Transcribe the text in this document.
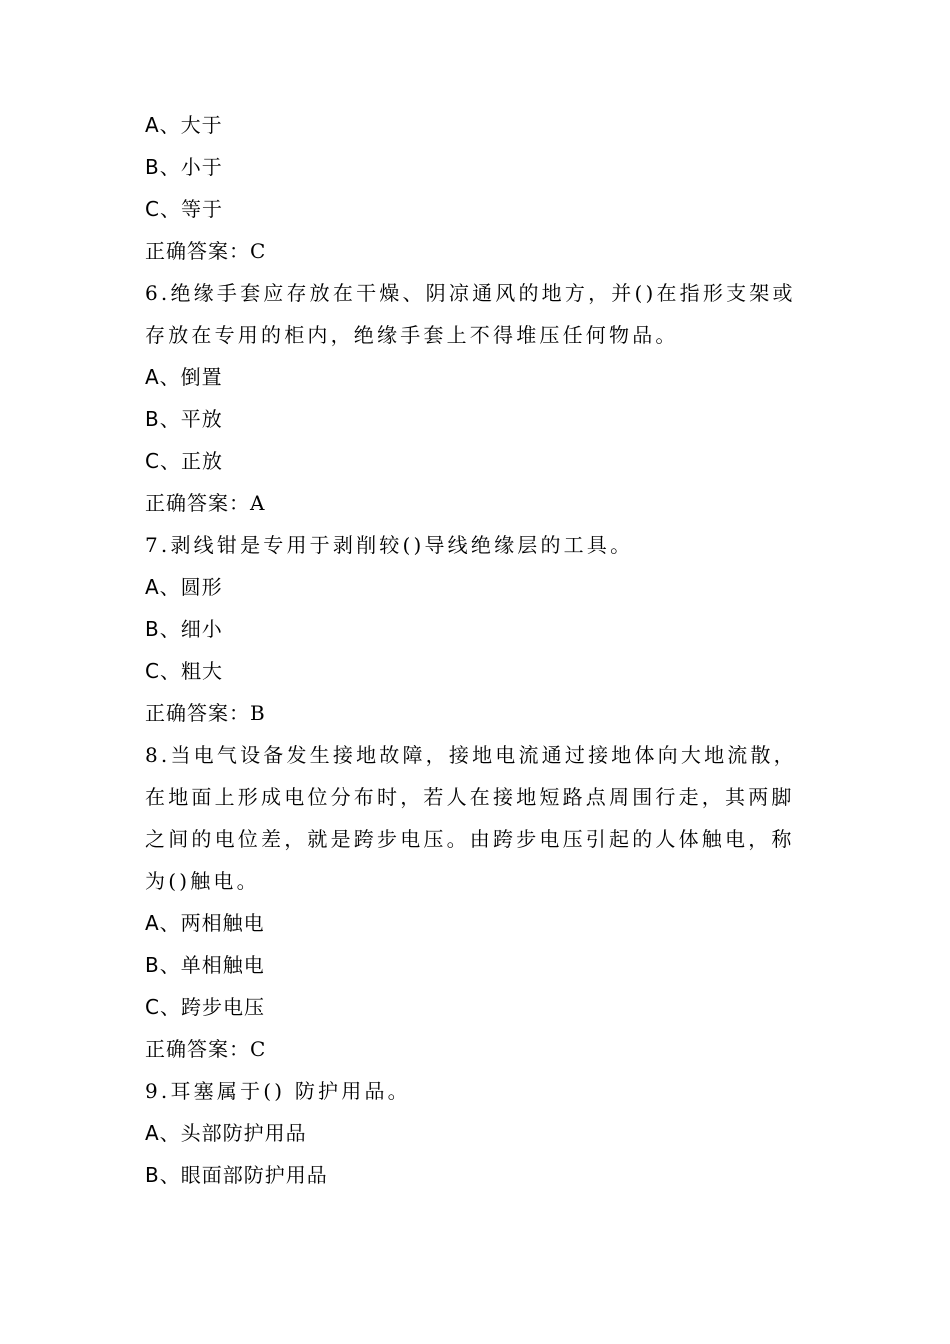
A、大于
B、小于
C、等于
正确答案：C
6.绝缘手套应存放在干燥、阴凉通风的地方，并()在指形支架或存放在专用的柜内，绝缘手套上不得堆压任何物品。
A、倒置
B、平放
C、正放
正确答案：A
7.剥线钳是专用于剥削较()导线绝缘层的工具。
A、圆形
B、细小
C、粗大
正确答案：B
8.当电气设备发生接地故障，接地电流通过接地体向大地流散，在地面上形成电位分布时，若人在接地短路点周围行走，其两脚之间的电位差，就是跨步电压。由跨步电压引起的人体触电，称为()触电。
A、两相触电
B、单相触电
C、跨步电压
正确答案：C
9.耳塞属于() 防护用品。
A、头部防护用品
B、眼面部防护用品
